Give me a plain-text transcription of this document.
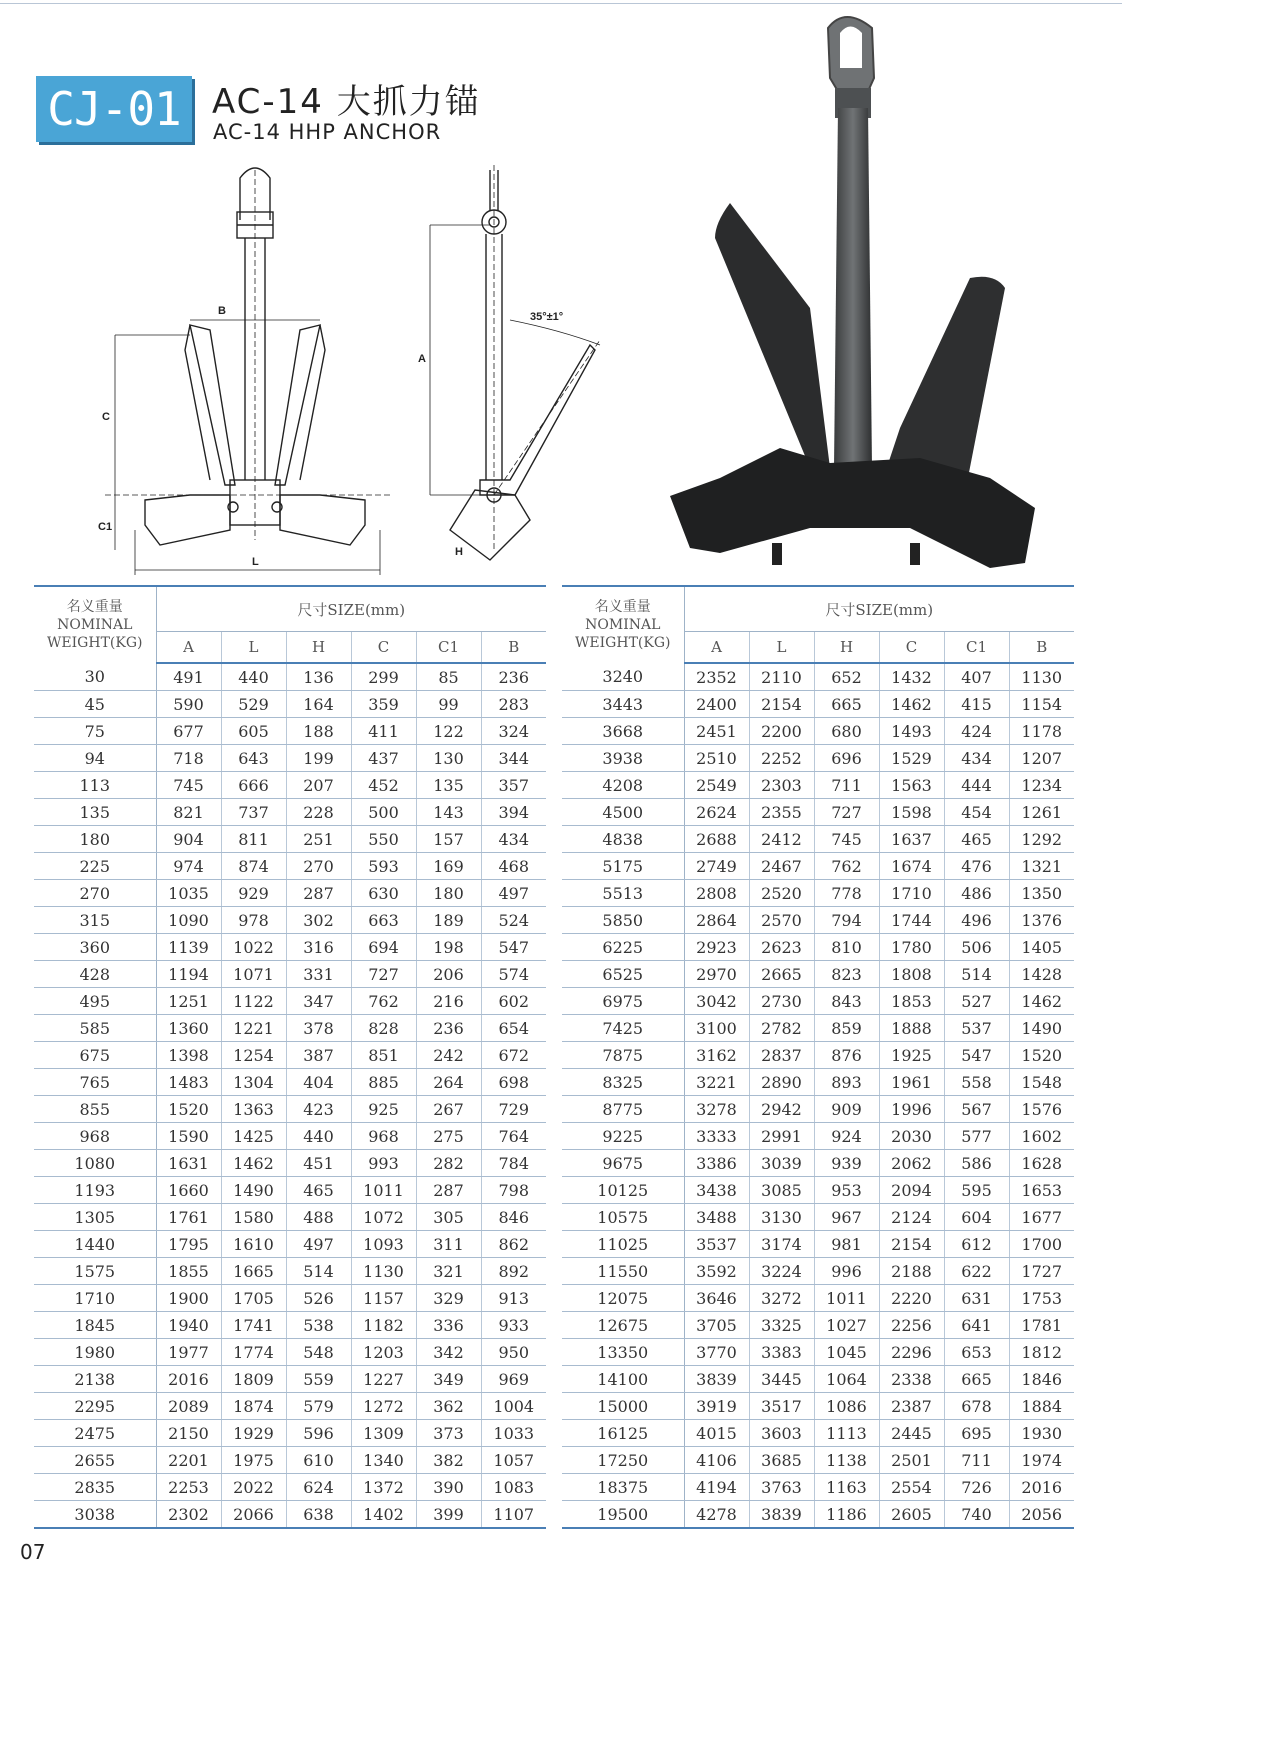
CJ-01 AC-14 大抓力锚
AC-14 HHP ANCHOR
B
C
C1
L
A
H
35°±1°
名义重量
NOMINAL
WEIGHT(KG)	尺寸SIZE(mm)					
	A	L	H	C	C1	B
30	491	440	136	299	85	236
45	590	529	164	359	99	283
75	677	605	188	411	122	324
94	718	643	199	437	130	344
113	745	666	207	452	135	357
135	821	737	228	500	143	394
180	904	811	251	550	157	434
225	974	874	270	593	169	468
270	1035	929	287	630	180	497
315	1090	978	302	663	189	524
360	1139	1022	316	694	198	547
428	1194	1071	331	727	206	574
495	1251	1122	347	762	216	602
585	1360	1221	378	828	236	654
675	1398	1254	387	851	242	672
765	1483	1304	404	885	264	698
855	1520	1363	423	925	267	729
968	1590	1425	440	968	275	764
1080	1631	1462	451	993	282	784
1193	1660	1490	465	1011	287	798
1305	1761	1580	488	1072	305	846
1440	1795	1610	497	1093	311	862
1575	1855	1665	514	1130	321	892
1710	1900	1705	526	1157	329	913
1845	1940	1741	538	1182	336	933
1980	1977	1774	548	1203	342	950
2138	2016	1809	559	1227	349	969
2295	2089	1874	579	1272	362	1004
2475	2150	1929	596	1309	373	1033
2655	2201	1975	610	1340	382	1057
2835	2253	2022	624	1372	390	1083
3038	2302	2066	638	1402	399	1107
名义重量
NOMINAL
WEIGHT(KG)	尺寸SIZE(mm)					
	A	L	H	C	C1	B
3240	2352	2110	652	1432	407	1130
3443	2400	2154	665	1462	415	1154
3668	2451	2200	680	1493	424	1178
3938	2510	2252	696	1529	434	1207
4208	2549	2303	711	1563	444	1234
4500	2624	2355	727	1598	454	1261
4838	2688	2412	745	1637	465	1292
5175	2749	2467	762	1674	476	1321
5513	2808	2520	778	1710	486	1350
5850	2864	2570	794	1744	496	1376
6225	2923	2623	810	1780	506	1405
6525	2970	2665	823	1808	514	1428
6975	3042	2730	843	1853	527	1462
7425	3100	2782	859	1888	537	1490
7875	3162	2837	876	1925	547	1520
8325	3221	2890	893	1961	558	1548
8775	3278	2942	909	1996	567	1576
9225	3333	2991	924	2030	577	1602
9675	3386	3039	939	2062	586	1628
10125	3438	3085	953	2094	595	1653
10575	3488	3130	967	2124	604	1677
11025	3537	3174	981	2154	612	1700
11550	3592	3224	996	2188	622	1727
12075	3646	3272	1011	2220	631	1753
12675	3705	3325	1027	2256	641	1781
13350	3770	3383	1045	2296	653	1812
14100	3839	3445	1064	2338	665	1846
15000	3919	3517	1086	2387	678	1884
16125	4015	3603	1113	2445	695	1930
17250	4106	3685	1138	2501	711	1974
18375	4194	3763	1163	2554	726	2016
19500	4278	3839	1186	2605	740	2056
07
